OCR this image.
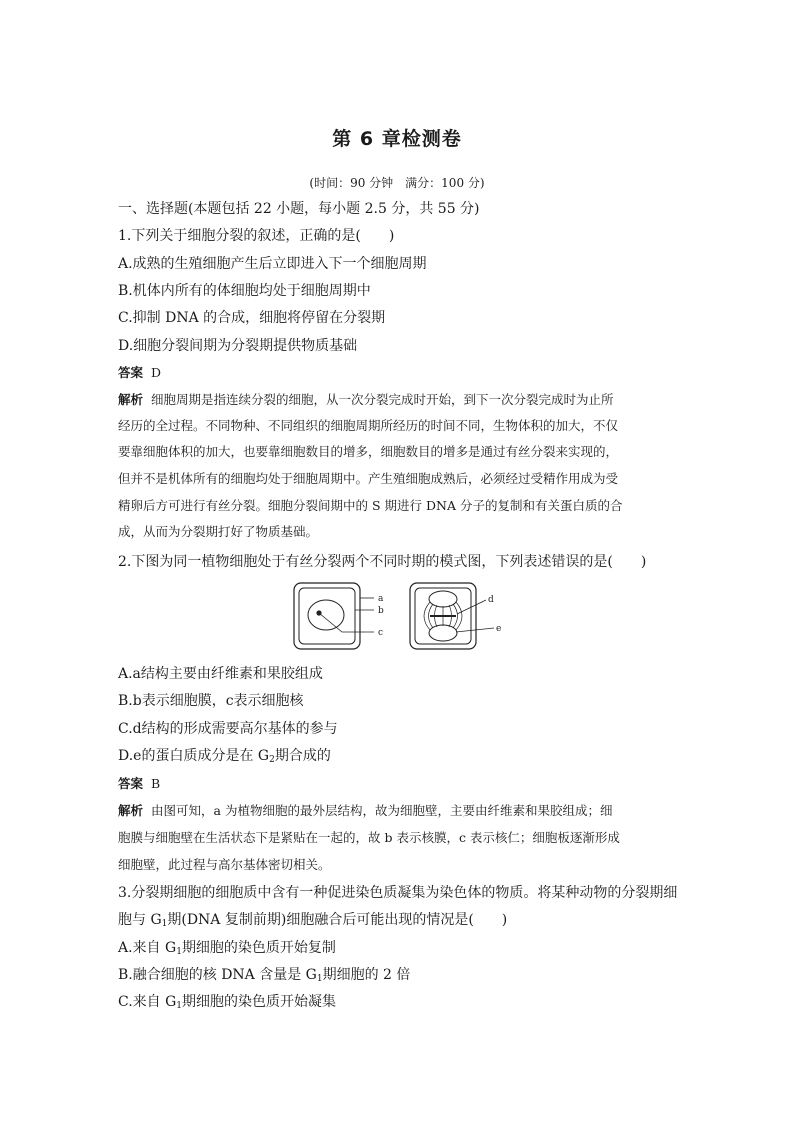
第 6 章检测卷
(时间：90 分钟　满分：100 分)
一、选择题(本题包括 22 小题，每小题 2.5 分，共 55 分)
1.下列关于细胞分裂的叙述，正确的是(　　)
A.成熟的生殖细胞产生后立即进入下一个细胞周期
B.机体内所有的体细胞均处于细胞周期中
C.抑制 DNA 的合成，细胞将停留在分裂期
D.细胞分裂间期为分裂期提供物质基础
答案 D
解析 细胞周期是指连续分裂的细胞，从一次分裂完成时开始，到下一次分裂完成时为止所
经历的全过程。不同物种、不同组织的细胞周期所经历的时间不同，生物体积的加大，不仅
要靠细胞体积的加大，也要靠细胞数目的增多，细胞数目的增多是通过有丝分裂来实现的，
但并不是机体所有的细胞均处于细胞周期中。产生殖细胞成熟后，必须经过受精作用成为受
精卵后方可进行有丝分裂。细胞分裂间期中的 S 期进行 DNA 分子的复制和有关蛋白质的合
成，从而为分裂期打好了物质基础。
2.下图为同一植物细胞处于有丝分裂两个不同时期的模式图，下列表述错误的是(　　)
a
b
c
d
e
A.a结构主要由纤维素和果胶组成
B.b表示细胞膜，c表示细胞核
C.d结构的形成需要高尔基体的参与
D.e的蛋白质成分是在 $G_2$期合成的
答案 B
解析 由图可知，a 为植物细胞的最外层结构，故为细胞壁，主要由纤维素和果胶组成；细
胞膜与细胞壁在生活状态下是紧贴在一起的，故 b 表示核膜，c 表示核仁；细胞板逐渐形成
细胞壁，此过程与高尔基体密切相关。
3.分裂期细胞的细胞质中含有一种促进染色质凝集为染色体的物质。将某种动物的分裂期细
胞与 $G_1$期(DNA 复制前期)细胞融合后可能出现的情况是(　　)
A.来自 $G_1$期细胞的染色质开始复制
B.融合细胞的核 DNA 含量是 $G_1$期细胞的 2 倍
C.来自 $G_1$期细胞的染色质开始凝集
